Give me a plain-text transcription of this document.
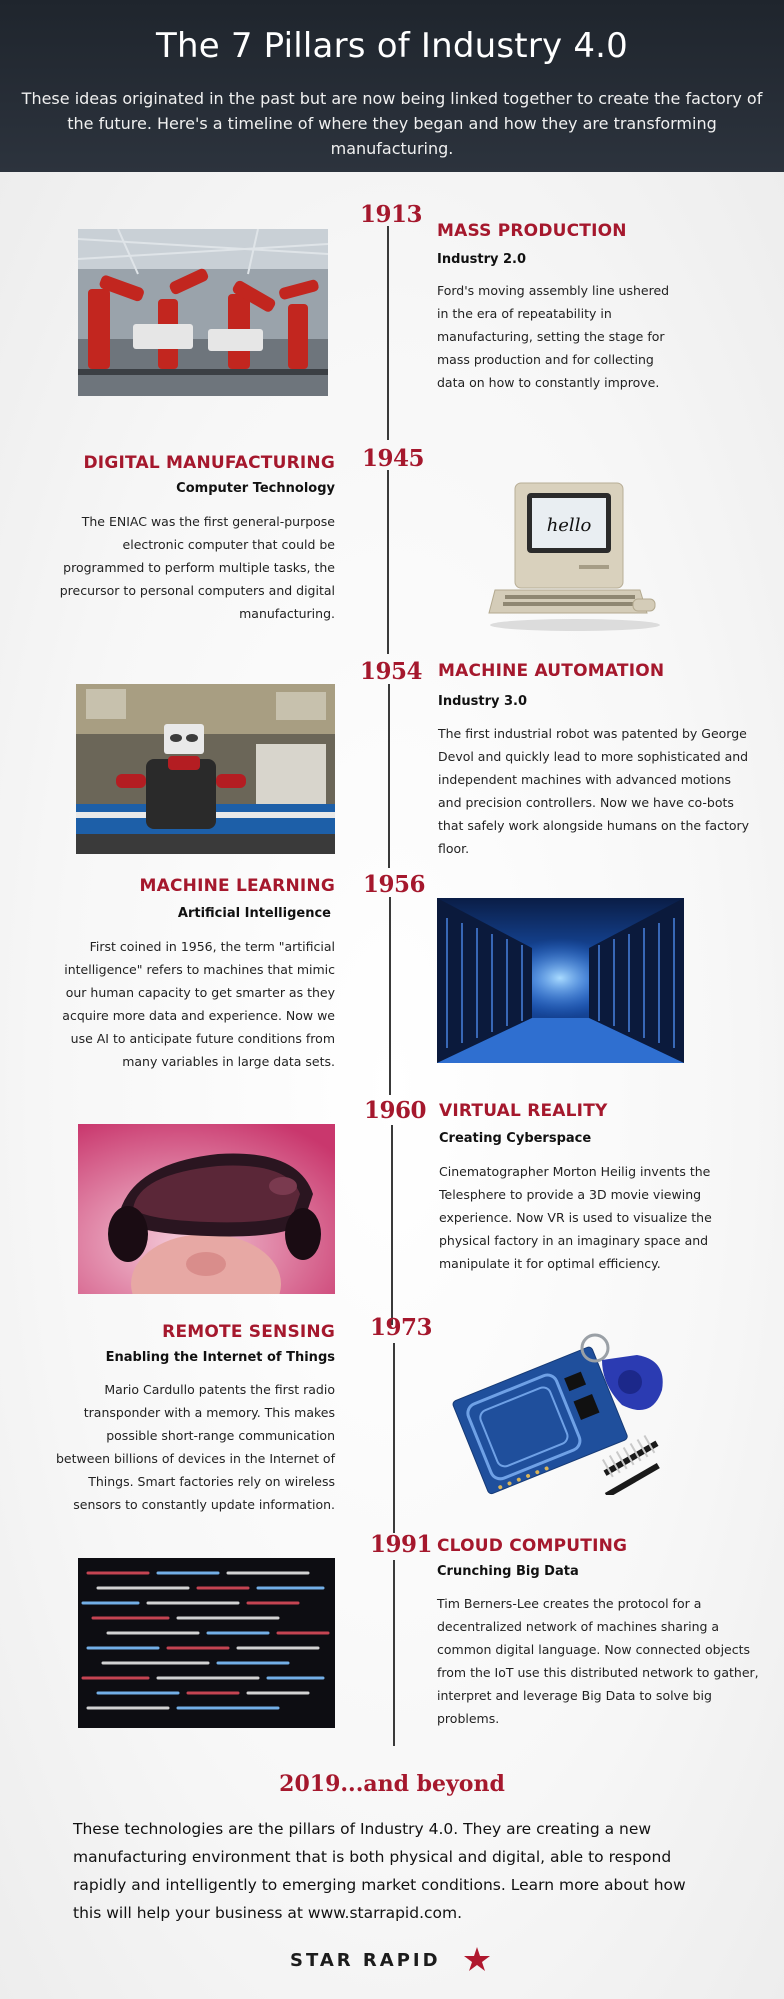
The 7 Pillars of Industry 4.0

These ideas originated in the past but are now being linked together to create the factory of the future. Here's a timeline of where they began and how they are transforming manufacturing.

1913
MASS PRODUCTION
Industry 2.0
Ford's moving assembly line ushered in the era of repeatability in manufacturing, setting the stage for mass production and for collecting data on how to constantly improve.
1945
DIGITAL MANUFACTURING
Computer Technology
The ENIAC was the first general-purpose electronic computer that could be programmed to perform multiple tasks, the precursor to personal computers and digital manufacturing.
hello
1954 MACHINE AUTOMATION
Industry 3.0
The first industrial robot was patented by George Devol and quickly lead to more sophisticated and independent machines with advanced motions and precision controllers. Now we have co-bots that safely work alongside humans on the factory floor.
1956
MACHINE LEARNING
Artificial Intelligence
First coined in 1956, the term "artificial intelligence" refers to machines that mimic our human capacity to get smarter as they acquire more data and experience. Now we use AI to anticipate future conditions from many variables in large data sets.
1960 VIRTUAL REALITY
Creating Cyberspace
Cinematographer Morton Heilig invents the Telesphere to provide a 3D movie viewing experience. Now VR is used to visualize the physical factory in an imaginary space and manipulate it for optimal efficiency.
1973
REMOTE SENSING
Enabling the Internet of Things
Mario Cardullo patents the first radio transponder with a memory. This makes possible short-range communication between billions of devices in the Internet of Things. Smart factories rely on wireless sensors to constantly update information.
1991 CLOUD COMPUTING
Crunching Big Data
Tim Berners-Lee creates the protocol for a decentralized network of machines sharing a common digital language. Now connected objects from the IoT use this distributed network to gather, interpret and leverage Big Data to solve big problems.
2019...and beyond
These technologies are the pillars of Industry 4.0. They are creating a new manufacturing environment that is both physical and digital, able to respond rapidly and intelligently to emerging market conditions. Learn more about how this will help your business at www.starrapid.com.
STAR RAPID
